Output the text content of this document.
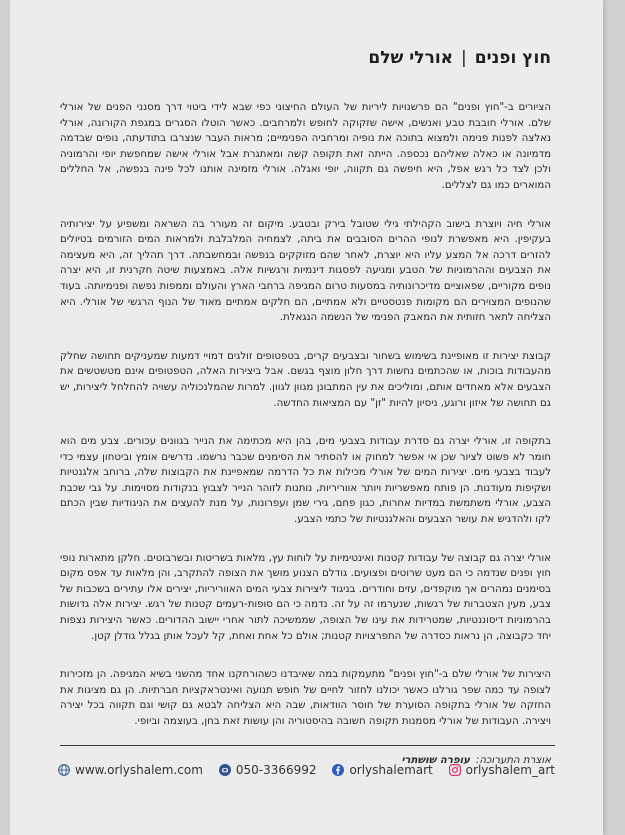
חוץ ופנים|אורלי שלם

הציורים ב-"חוץ ופנים" הם פרשנויות ליריות של העולם החיצוני כפי שבא לידי ביטוי דרך מסנני הפנים של אורלי שלם. אורלי חובבת טבע ואנשים, אישה שזקוקה לחופש ולמרחבים. כאשר הוטלו הסגרים במגפת הקורונה, אורלי נאלצה לפנות פנימה ולמצוא בתוכה את נופיה ומרחביה הפנימיים; מראות העבר שנצרבו בתודעתה, נופים שבדמה מדמיונה או כאלה שאליהם נכספה. הייתה זאת תקופה קשה ומאתגרת אבל אורלי אישה שמחפשת יופי והרמוניה ולכן לצד כל רגש אפל, היא חיפשה גם תקווה, יופי ואגלה. אורלי מזמינה אותנו לכל פינה בנפשה, אל החללים המוארים כמו גם לצללים.

אורלי חיה ויוצרת בישוב הקהילתי גילי שטובל בירק ובטבע. מיקום זה מעורר בה השראה ומשפיע על יצירותיה בעקיפין. היא מאפשרת לנופי ההרים הסובבים את ביתה, לצמחיה המלבלבת ולמראות המים הזורמים בטיולים להזרים דרכה אל המצע עליו היא יוצרת, לאחר שהם מזוקקים בנפשה ובמחשבתה. דרך תהליך זה, היא מעצימה את הצבעים וההרמוניות של הטבע ומגיעה לפסגות דינמיות ורגשיות אלה. באמצעות שיטה חקרנית זו, היא יצרה נופים מקוריים, שפאוציים מדיכרונותיה במסעות טרום המגיפה ברחבי הארץ והעולם וממפות נפשה ופנימיותה. בעוד שהנופים המצוירים הם מקומות פנטסטיים ולא אמתיים, הם חלקים אמתיים מאוד של הנוף הרגשי של אורלי. היא הצליחה לתאר חזותית את המאבק הפנימי של הנשמה הנגאלת.

קבוצת יצירות זו מאופיינת בשימוש בשחור ובצבעים קרים, בטפטופים זולגים דמויי דמעות שמעניקים תחושה שחלק מהעבודות בוכות, או שהכתמים נחשות דרך חלון מוצף בגשם. אבל ביצירות האלה, הטפטופים אינם מטשטשים את הצבעים אלא מאחדים אותם, ומוליכים את עין המתבונן מגוון לגוון. למרות שהמלנכוליה עשויה להחלחל ליצירות, יש גם תחושה של איזון ורוגע, ניסיון להיות "זן" עם המציאות החדשה.

בתקופה זו, אורלי יצרה גם סדרת עבודות בצבעי מים, בהן היא מכתימה את הנייר בגוונים עכורים. צבע מים הוא חומר לא פשוט לציור שכן אי אפשר למחוק או להסתיר את הסימנים שכבר נרשמו. נדרשים אומץ וביטחון עצמי כדי לעבוד בצבעי מים. יצירות המים של אורלי מכילות את כל הדרמה שמאפיינת את הקבוצות שלה, ברוחב אלגנטיות ושקיפות מעודנות. הן פותח מאפשריות ויותר אווריריות, נותנות לזוהר הנייר לצבוץ בנקודות מסוימות. על גבי שכבת הצבע, אורלי משתמשת במדיות אחרות, כגון פחם, גירי שמן ועפרונות, על מנת להעצים את הניגודיות שבין הכתם לקו ולהדגיש את עושר הצבעים והאלגנטיות של כתמי הצבע.

אורלי יצרה גם קבוצה של עבודות קטנות ואינטימיות על לוחות עץ, מלאות בשריטות ובשרבוטים. חלקן מתארות נופי חוץ ופנים שנדמה כי הם מעט שרוטים ופצועים. גודלם הצנוע מושך את הצופה להתקרב, והן מלאות עד אפס מקום בסימנים נמהרים אך מוקפדים, עזים וחודרים. בניגוד ליצירות צבעי המים האווריריות, יצירים אלו עתירים בשכבות של צבע, מעין הצטברות של רגשות, שנערמו זה על זה. נדמה כי הם סופות-רעמים קטנות של רגש. יצירות אלה גדושות בהרמוניות דיסוננטיות, שמטרידות את עינו של הצופה, שממשיכה לתור אחרי יישוב ההדורים. כאשר היצירות נצפות יחד כקבוצה, הן נראות כסדרה של התפרצויות קטנות; אולם כל אחת ואחת, קל לעכל אותן בגלל גודלן קטן.

היצירות של אורלי שלם ב-"חוץ ופנים" מתעמקות במה שאיבדנו כשהורחקנו אחד מהשני בשיא המגיפה. הן מזכירות לצופה עד כמה שפר גורלנו כאשר יכולנו לחזור לחיים של חופש תנועה ואינטראקציות חברתיות. הן גם מציגות את החזקה של אורלי בתקופה הסוערת של חוסר הוודאות, שבה היא הצליחה לבטא גם קושי וגם תקווה בכל יצירה ויצירה. העבודות של אורלי מסמנות תקופה חשובה בהיסטוריה והן עושות זאת בחן, בעוצמה וביופי.

אוצרת התערוכה:עופרה שושתרי
www.orlyshalem.com	050-3366992	orlyshalemart	orlyshalem_art
